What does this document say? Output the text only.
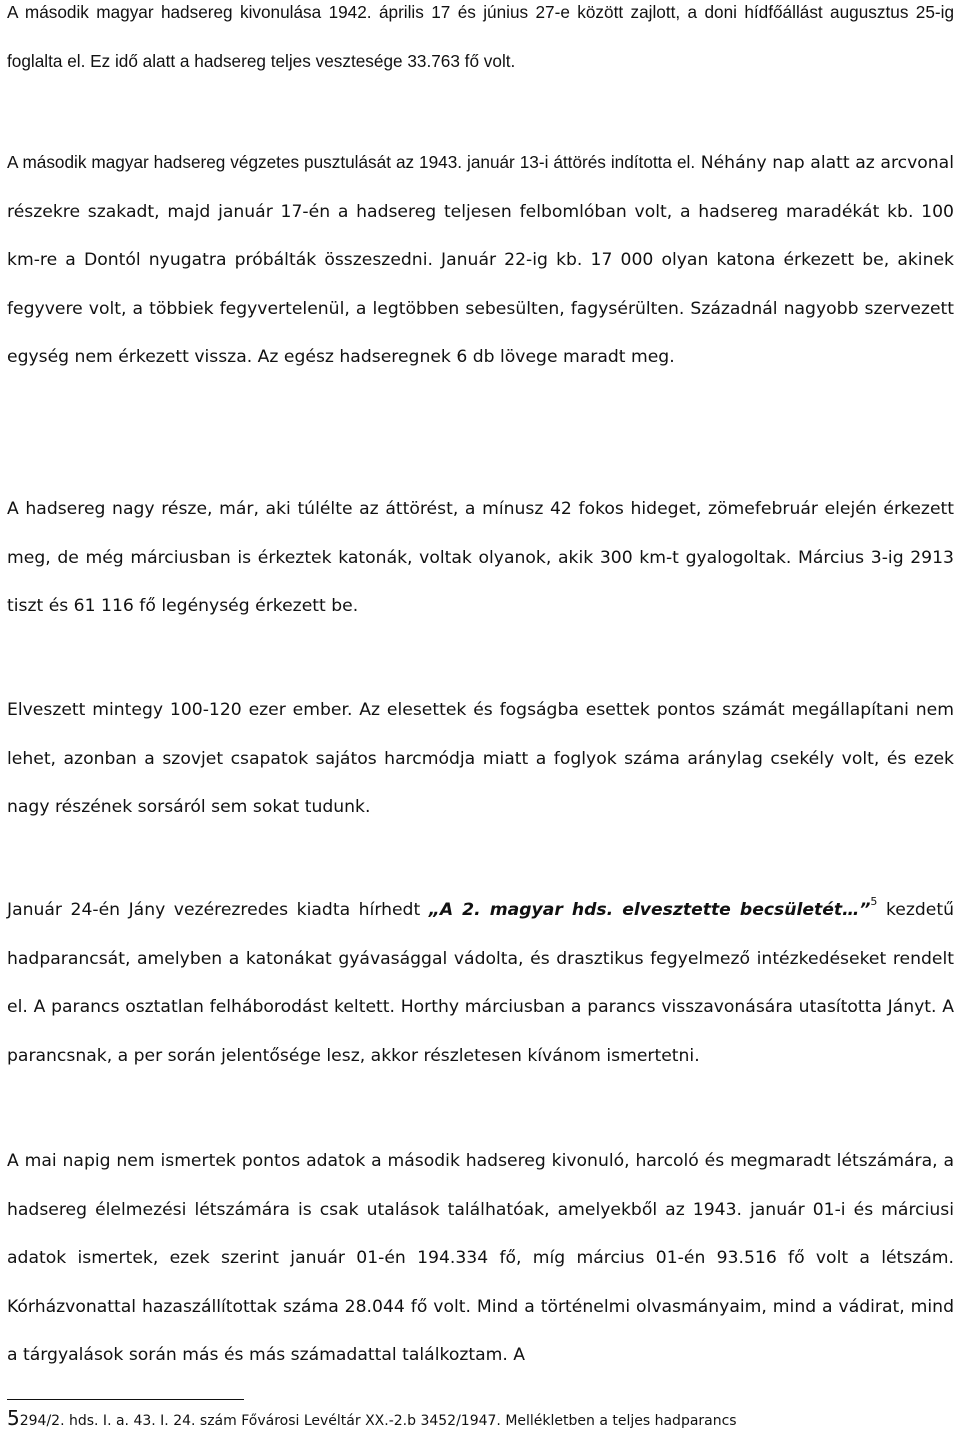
A második magyar hadsereg kivonulása 1942. április 17 és június 27-e között zajlott, a doni hídfőállást augusztus 25-ig foglalta el. Ez idő alatt a hadsereg teljes vesztesége 33.763 fő volt.

A második magyar hadsereg végzetes pusztulását az 1943. január 13-i áttörés indította el. Néhány nap alatt az arcvonal részekre szakadt, majd január 17-én a hadsereg teljesen felbomlóban volt, a hadsereg maradékát kb. 100 km-re a Dontól nyugatra próbálták összeszedni. Január 22-ig kb. 17 000 olyan katona érkezett be, akinek fegyvere volt, a többiek fegyvertelenül, a legtöbben sebesülten, fagysérülten. Századnál nagyobb szervezett egység nem érkezett vissza. Az egész hadseregnek 6 db lövege maradt meg.

A hadsereg nagy része, már, aki túlélte az áttörést, a mínusz 42 fokos hideget, zömefebruár elején érkezett meg, de még márciusban is érkeztek katonák, voltak olyanok, akik 300 km-t gyalogoltak. Március 3-ig 2913 tiszt és 61 116 fő legénység érkezett be.

Elveszett mintegy 100-120 ezer ember. Az elesettek és fogságba esettek pontos számát megállapítani nem lehet, azonban a szovjet csapatok sajátos harcmódja miatt a foglyok száma aránylag csekély volt, és ezek nagy részének sorsáról sem sokat tudunk.

Január 24-én Jány vezérezredes kiadta hírhedt „A 2. magyar hds. elvesztette becsületét…”$^5$ kezdetű hadparancsát, amelyben a katonákat gyávasággal vádolta, és drasztikus fegyelmező intézkedéseket rendelt el. A parancs osztatlan felháborodást keltett. Horthy márciusban a parancs visszavonására utasította Jányt. A parancsnak, a per során jelentősége lesz, akkor részletesen kívánom ismertetni.

A mai napig nem ismertek pontos adatok a második hadsereg kivonuló, harcoló és megmaradt létszámára, a hadsereg élelmezési létszámára is csak utalások találhatóak, amelyekből az 1943. január 01-i és márciusi adatok ismertek, ezek szerint január 01-én 194.334 fő, míg március 01-én 93.516 fő volt a létszám. Kórházvonattal hazaszállítottak száma 28.044 fő volt. Mind a történelmi olvasmányaim, mind a vádirat, mind a tárgyalások során más és más számadattal találkoztam. A

5294/2. hds. I. a. 43. I. 24. szám Fővárosi Levéltár XX.-2.b 3452/1947. Mellékletben a teljes hadparancs
